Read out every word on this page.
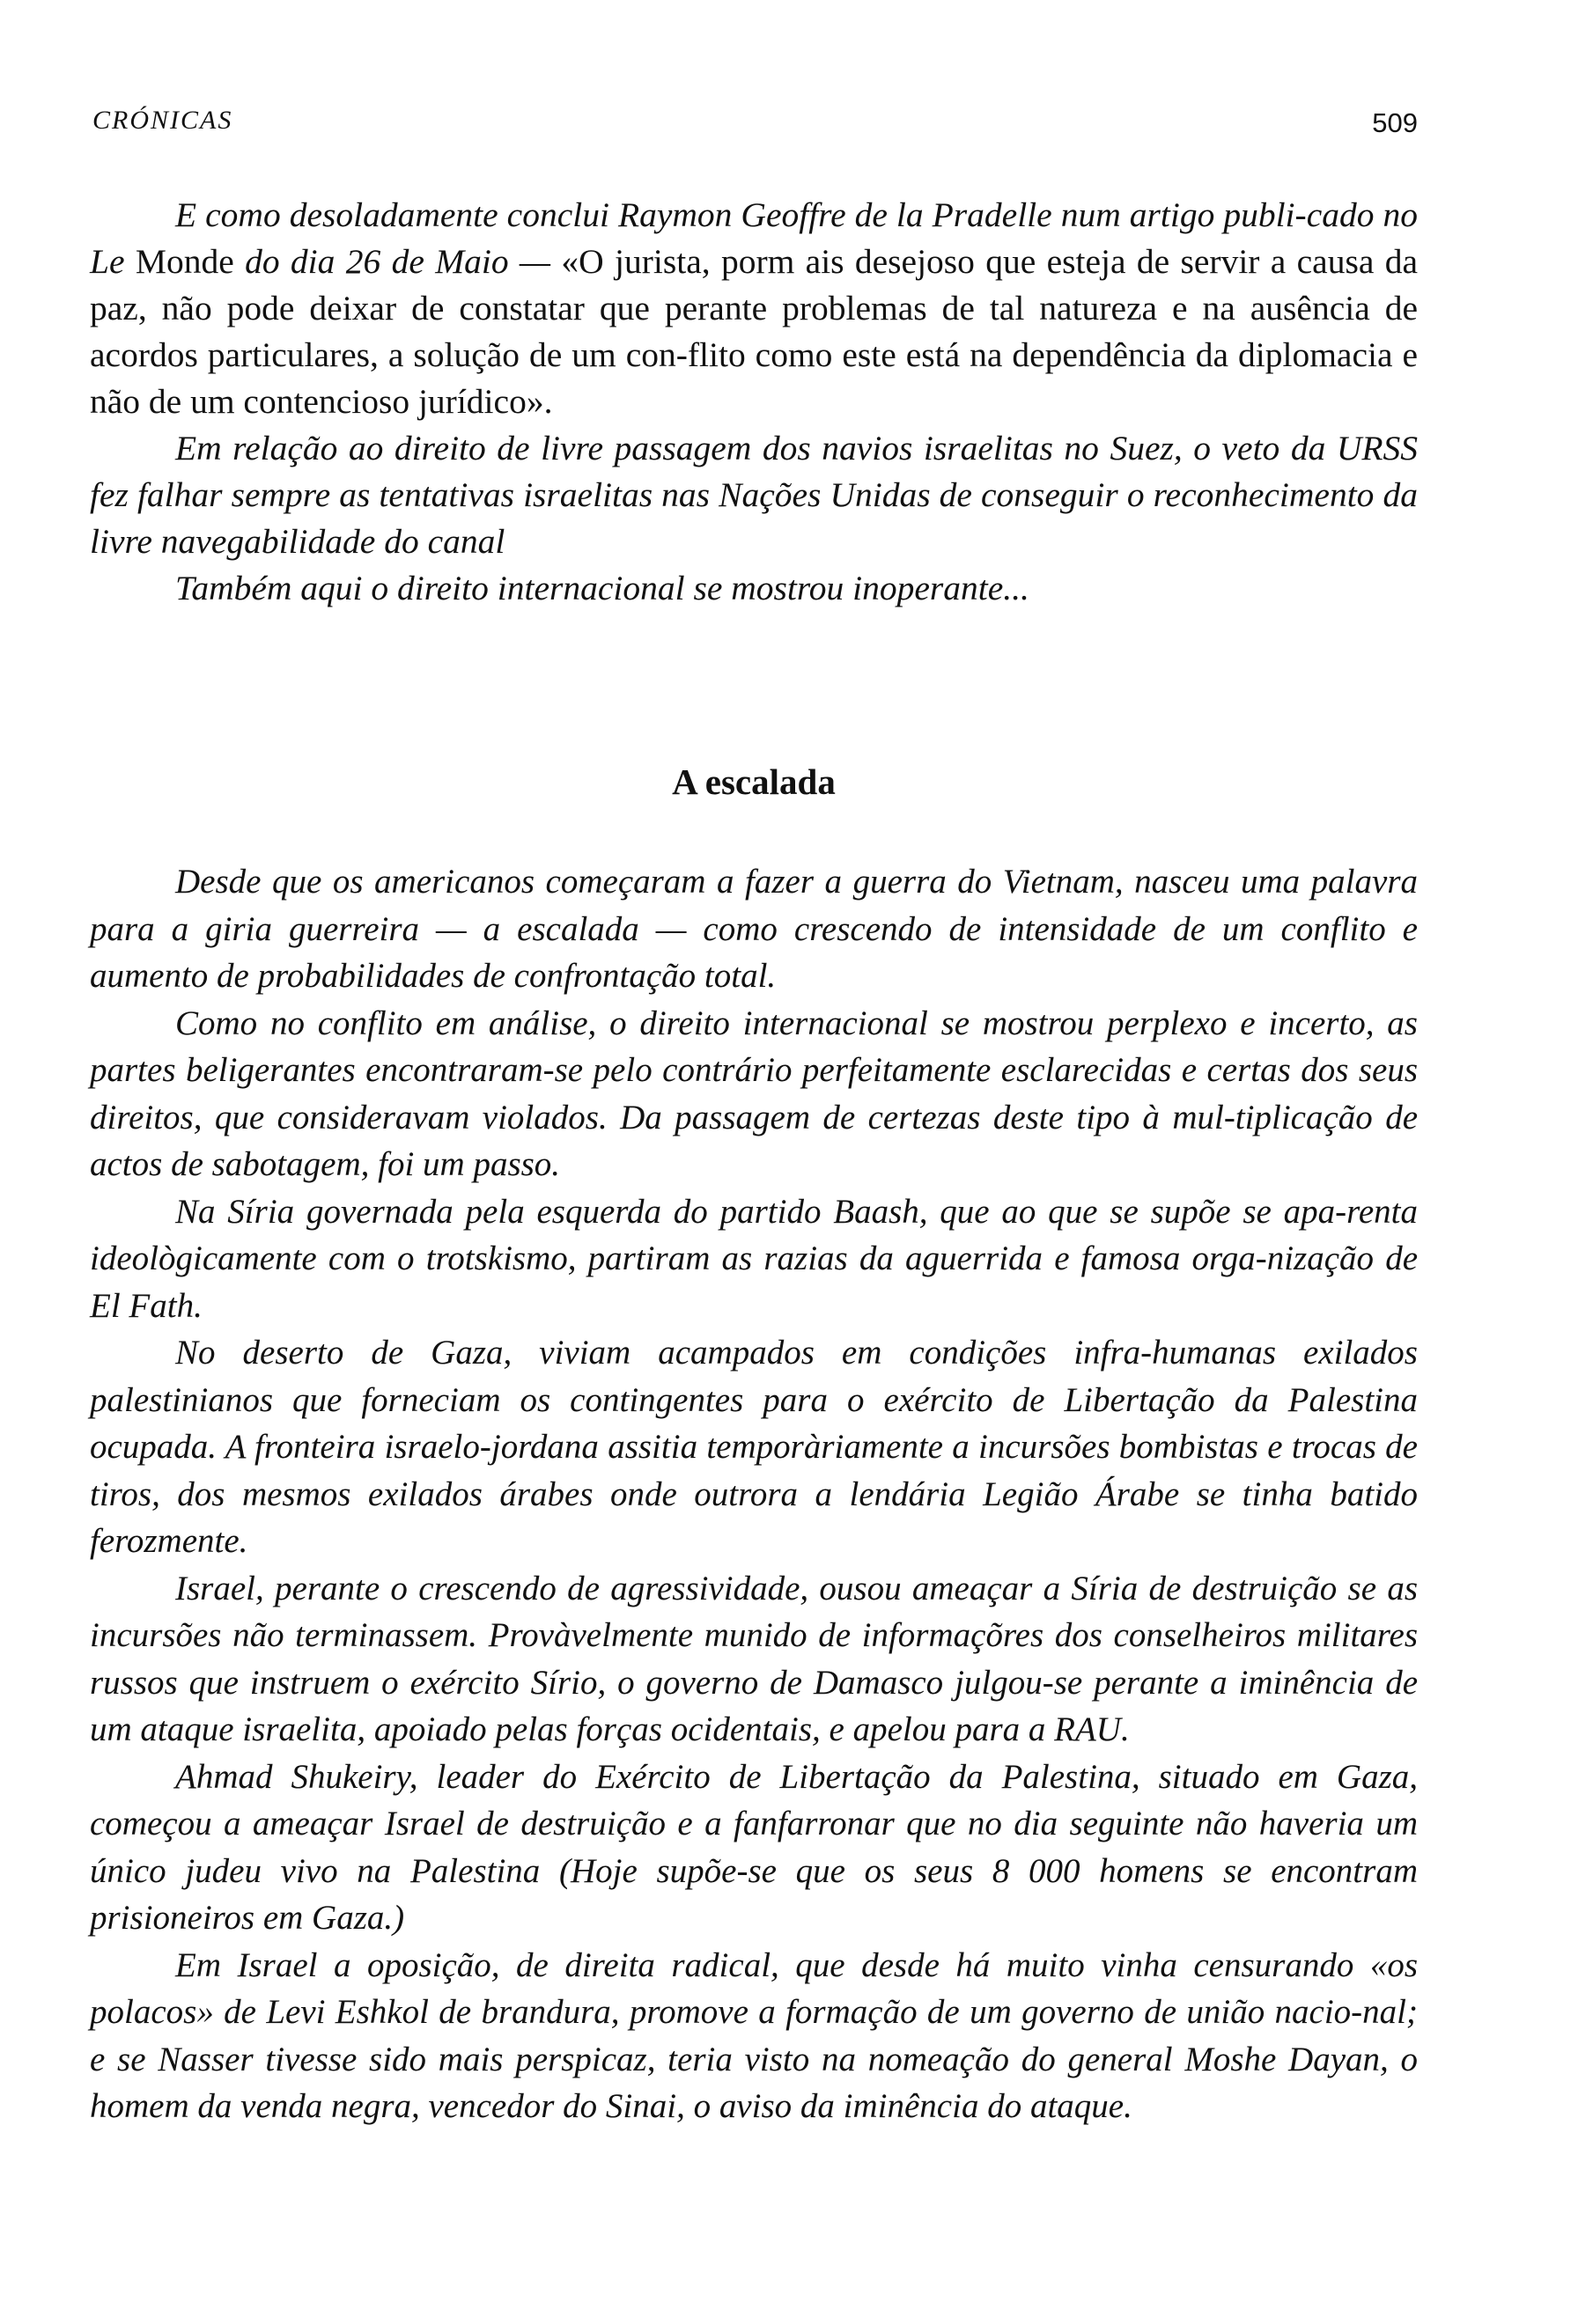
CRÓNICAS	509

E como desoladamente conclui Raymon Geoffre de la Pradelle num artigo publi-cado no Le Monde do dia 26 de Maio — «O jurista, porm ais desejoso que esteja de servir a causa da paz, não pode deixar de constatar que perante problemas de tal natureza e na ausência de acordos particulares, a solução de um con-flito como este está na dependência da diplomacia e não de um contencioso jurídico».

Em relação ao direito de livre passagem dos navios israelitas no Suez, o veto da URSS fez falhar sempre as tentativas israelitas nas Nações Unidas de conseguir o reconhecimento da livre navegabilidade do canal

Também aqui o direito internacional se mostrou inoperante...

A escalada

Desde que os americanos começaram a fazer a guerra do Vietnam, nasceu uma palavra para a giria guerreira — a escalada — como crescendo de intensidade de um conflito e aumento de probabilidades de confrontação total.

Como no conflito em análise, o direito internacional se mostrou perplexo e incerto, as partes beligerantes encontraram-se pelo contrário perfeitamente esclarecidas e certas dos seus direitos, que consideravam violados. Da passagem de certezas deste tipo à mul-tiplicação de actos de sabotagem, foi um passo.

Na Síria governada pela esquerda do partido Baash, que ao que se supõe se apa-renta ideològicamente com o trotskismo, partiram as razias da aguerrida e famosa orga-nização de El Fath.

No deserto de Gaza, viviam acampados em condições infra-humanas exilados palestinianos que forneciam os contingentes para o exército de Libertação da Palestina ocupada. A fronteira israelo-jordana assitia temporàriamente a incursões bombistas e trocas de tiros, dos mesmos exilados árabes onde outrora a lendária Legião Árabe se tinha batido ferozmente.

Israel, perante o crescendo de agressividade, ousou ameaçar a Síria de destruição se as incursões não terminassem. Provàvelmente munido de informaçõres dos conselheiros militares russos que instruem o exército Sírio, o governo de Damasco julgou-se perante a iminência de um ataque israelita, apoiado pelas forças ocidentais, e apelou para a RAU.

Ahmad Shukeiry, leader do Exército de Libertação da Palestina, situado em Gaza, começou a ameaçar Israel de destruição e a fanfarronar que no dia seguinte não haveria um único judeu vivo na Palestina (Hoje supõe-se que os seus 8 000 homens se encontram prisioneiros em Gaza.)

Em Israel a oposição, de direita radical, que desde há muito vinha censurando «os polacos» de Levi Eshkol de brandura, promove a formação de um governo de união nacio-nal; e se Nasser tivesse sido mais perspicaz, teria visto na nomeação do general Moshe Dayan, o homem da venda negra, vencedor do Sinai, o aviso da iminência do ataque.
